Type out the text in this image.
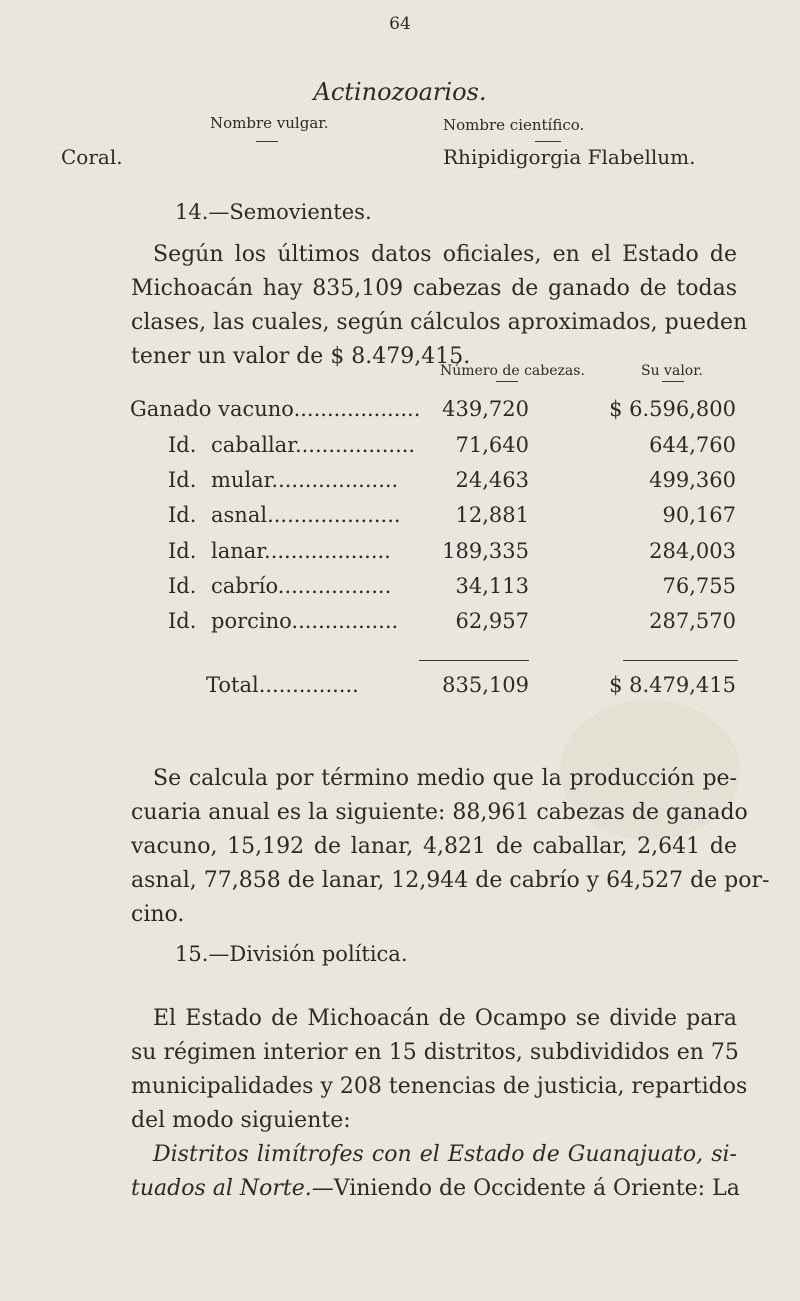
64
Actinozoarios.
Nombre vulgar.	Nombre científico.
Coral.	Rhipidigorgia Flabellum.
14.—Semovientes.
Según los últimos datos oficiales, en el Estado de
Michoacán hay 835,109 cabezas de ganado de todas
clases, las cuales, según cálculos aproximados, pueden
tener un valor de $ 8.479,415.
Número de cabezas.	Su valor.
Ganado vacuno................... 439,720	$ 6.596,800
Id. caballar.................. 71,640	644,760
Id. mular...................	24,463	499,360
Id. asnal....................	12,881	90,167
Id. lanar................... 189,335	284,003
Id. cabrío.................	34,113	76,755
Id. porcino................	62,957	287,570
Total...............	835,109	$ 8.479,415
Se calcula por término medio que la producción pe-
cuaria anual es la siguiente: 88,961 cabezas de ganado
vacuno, 15,192 de lanar, 4,821 de caballar, 2,641 de
asnal, 77,858 de lanar, 12,944 de cabrío y 64,527 de por-
cino.
15.—División política.
El Estado de Michoacán de Ocampo se divide para
su régimen interior en 15 distritos, subdivididos en 75
municipalidades y 208 tenencias de justicia, repartidos
del modo siguiente:
Distritos limítrofes con el Estado de Guanajuato, si-
tuados al Norte.—Viniendo de Occidente á Oriente: La
